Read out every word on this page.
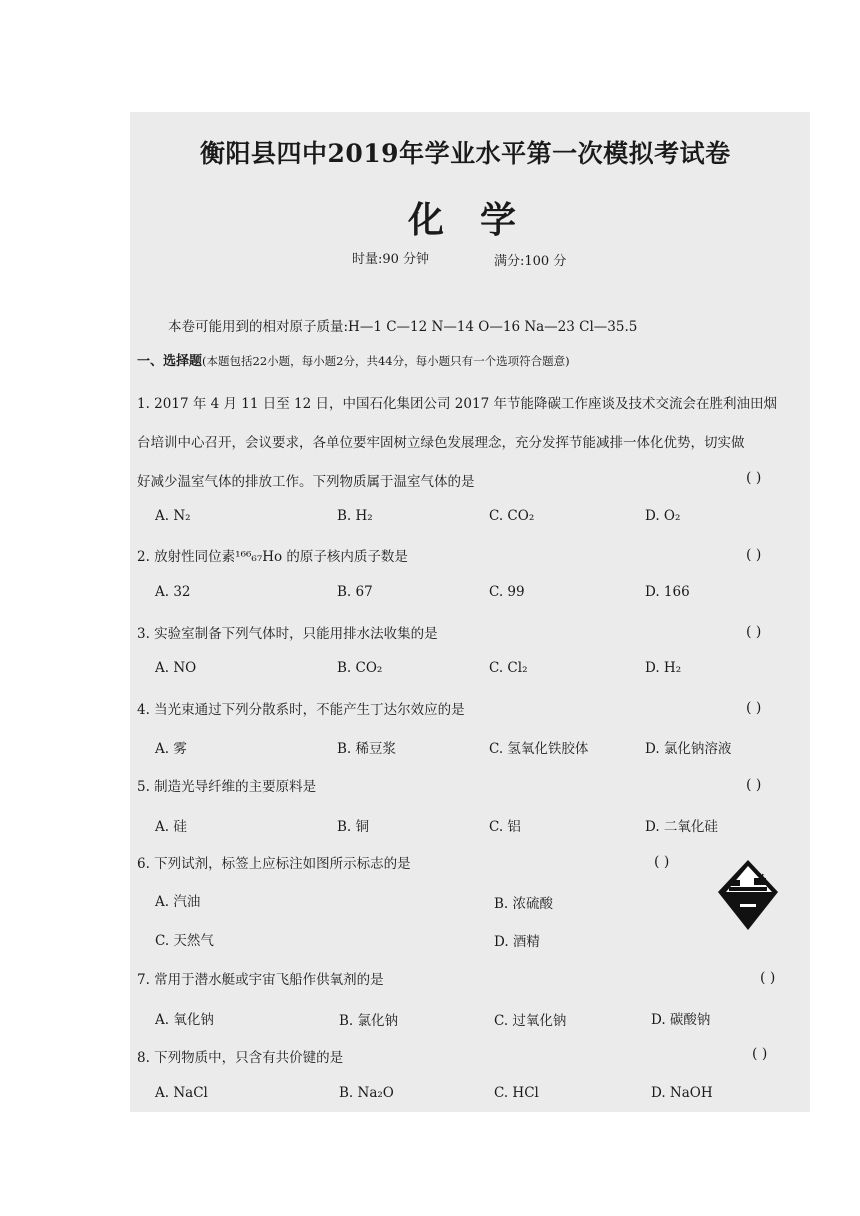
衡阳县四中2019年学业水平第一次模拟考试卷
化学
时量:90 分钟	满分:100 分
本卷可能用到的相对原子质量:H—1 C—12 N—14 O—16 Na—23 Cl—35.5
一、选择题(本题包括22小题，每小题2分，共44分，每小题只有一个选项符合题意)
1. 2017 年 4 月 11 日至 12 日，中国石化集团公司 2017 年节能降碳工作座谈及技术交流会在胜利油田烟
台培训中心召开，会议要求，各单位要牢固树立绿色发展理念，充分发挥节能减排一体化优势，切实做
好减少温室气体的排放工作。下列物质属于温室气体的是	( )
A. N₂	B. H₂	C. CO₂	D. O₂
2. 放射性同位素¹⁶⁶₆₇Ho 的原子核内质子数是	( )
A. 32	B. 67	C. 99	D. 166
3. 实验室制备下列气体时，只能用排水法收集的是	( )
A. NO	B. CO₂	C. Cl₂	D. H₂
4. 当光束通过下列分散系时，不能产生丁达尔效应的是	( )
A. 雾	B. 稀豆浆	C. 氢氧化铁胶体	D. 氯化钠溶液
5. 制造光导纤维的主要原料是	( )
A. 硅	B. 铜	C. 铝	D. 二氧化硅
6. 下列试剂，标签上应标注如图所示标志的是	( )
A. 汽油	B. 浓硫酸
C. 天然气	D. 酒精
7. 常用于潜水艇或宇宙飞船作供氧剂的是	( )
A. 氧化钠	B. 氯化钠	C. 过氧化钠	D. 碳酸钠
8. 下列物质中，只含有共价键的是	( )
A. NaCl	B. Na₂O	C. HCl	D. NaOH
